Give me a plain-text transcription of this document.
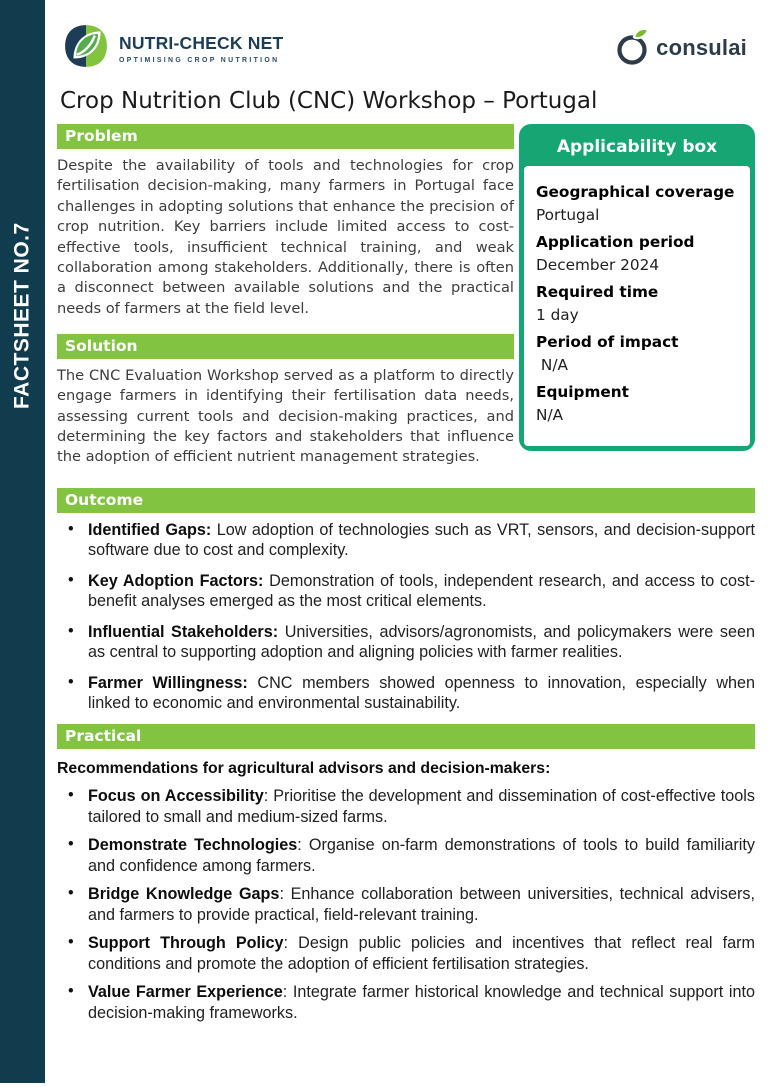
FACTSHEET NO.7
NUTRI-CHECK NET
OPTIMISING CROP NUTRITION	consulai
Crop Nutrition Club (CNC) Workshop – Portugal
Problem

Despite the availability of tools and technologies for crop fertilisation decision-making, many farmers in Portugal face challenges in adopting solutions that enhance the precision of crop nutrition. Key barriers include limited access to cost-effective tools, insufficient technical training, and weak collaboration among stakeholders. Additionally, there is often a disconnect between available solutions and the practical needs of farmers at the field level.

Solution

The CNC Evaluation Workshop served as a platform to directly engage farmers in identifying their fertilisation data needs, assessing current tools and decision-making practices, and determining the key factors and stakeholders that influence the adoption of efficient nutrient management strategies.

Applicability box
Geographical coverage
Portugal
Application period
December 2024
Required time
1 day
Period of impact
N/A
Equipment
N/A
Outcome
• Identified Gaps: Low adoption of technologies such as VRT, sensors, and decision-support software due to cost and complexity.
• Key Adoption Factors: Demonstration of tools, independent research, and access to cost-benefit analyses emerged as the most critical elements.
• Influential Stakeholders: Universities, advisors/agronomists, and policymakers were seen as central to supporting adoption and aligning policies with farmer realities.
• Farmer Willingness: CNC members showed openness to innovation, especially when linked to economic and environmental sustainability.
Practical
Recommendations for agricultural advisors and decision-makers:
• Focus on Accessibility: Prioritise the development and dissemination of cost-effective tools tailored to small and medium-sized farms.
• Demonstrate Technologies: Organise on-farm demonstrations of tools to build familiarity and confidence among farmers.
• Bridge Knowledge Gaps: Enhance collaboration between universities, technical advisers, and farmers to provide practical, field-relevant training.
• Support Through Policy: Design public policies and incentives that reflect real farm conditions and promote the adoption of efficient fertilisation strategies.
• Value Farmer Experience: Integrate farmer historical knowledge and technical support into decision-making frameworks.
